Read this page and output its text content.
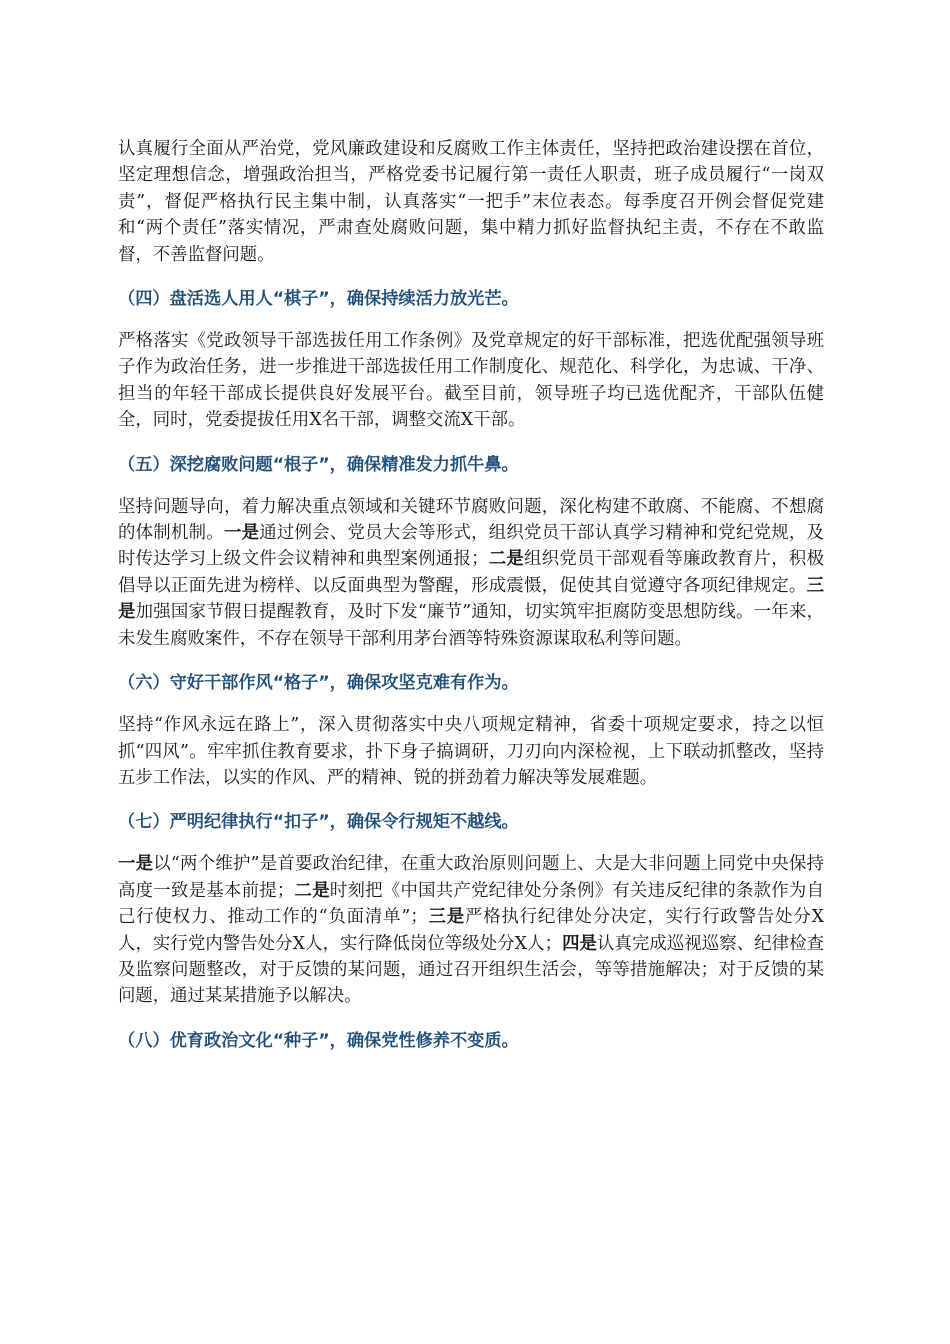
认真履行全面从严治党，党风廉政建设和反腐败工作主体责任，坚持把政治建设摆在首位，坚定理想信念，增强政治担当，严格党委书记履行第一责任人职责，班子成员履行“一岗双责”，督促严格执行民主集中制，认真落实“一把手”末位表态。每季度召开例会督促党建和“两个责任”落实情况，严肃查处腐败问题，集中精力抓好监督执纪主责，不存在不敢监督，不善监督问题。

（四）盘活选人用人“棋子”，确保持续活力放光芒。

严格落实《党政领导干部选拔任用工作条例》及党章规定的好干部标准，把选优配强领导班子作为政治任务，进一步推进干部选拔任用工作制度化、规范化、科学化，为忠诚、干净、担当的年轻干部成长提供良好发展平台。截至目前，领导班子均已选优配齐，干部队伍健全，同时，党委提拔任用X名干部，调整交流X干部。

（五）深挖腐败问题“根子”，确保精准发力抓牛鼻。

坚持问题导向，着力解决重点领域和关键环节腐败问题，深化构建不敢腐、不能腐、不想腐的体制机制。一是通过例会、党员大会等形式，组织党员干部认真学习精神和党纪党规，及时传达学习上级文件会议精神和典型案例通报；二是组织党员干部观看等廉政教育片，积极倡导以正面先进为榜样、以反面典型为警醒，形成震慑，促使其自觉遵守各项纪律规定。三是加强国家节假日提醒教育，及时下发“廉节”通知，切实筑牢拒腐防变思想防线。一年来，未发生腐败案件，不存在领导干部利用茅台酒等特殊资源谋取私利等问题。

（六）守好干部作风“格子”，确保攻坚克难有作为。

坚持“作风永远在路上”，深入贯彻落实中央八项规定精神，省委十项规定要求，持之以恒抓“四风”。牢牢抓住教育要求，扑下身子搞调研，刀刃向内深检视，上下联动抓整改，坚持五步工作法，以实的作风、严的精神、锐的拼劲着力解决等发展难题。

（七）严明纪律执行“扣子”，确保令行规矩不越线。

一是以“两个维护”是首要政治纪律，在重大政治原则问题上、大是大非问题上同党中央保持高度一致是基本前提；二是时刻把《中国共产党纪律处分条例》有关违反纪律的条款作为自己行使权力、推动工作的“负面清单”；三是严格执行纪律处分决定，实行行政警告处分X人，实行党内警告处分X人，实行降低岗位等级处分X人；四是认真完成巡视巡察、纪律检查及监察问题整改，对于反馈的某问题，通过召开组织生活会，等等措施解决；对于反馈的某问题，通过某某措施予以解决。

（八）优育政治文化“种子”，确保党性修养不变质。
